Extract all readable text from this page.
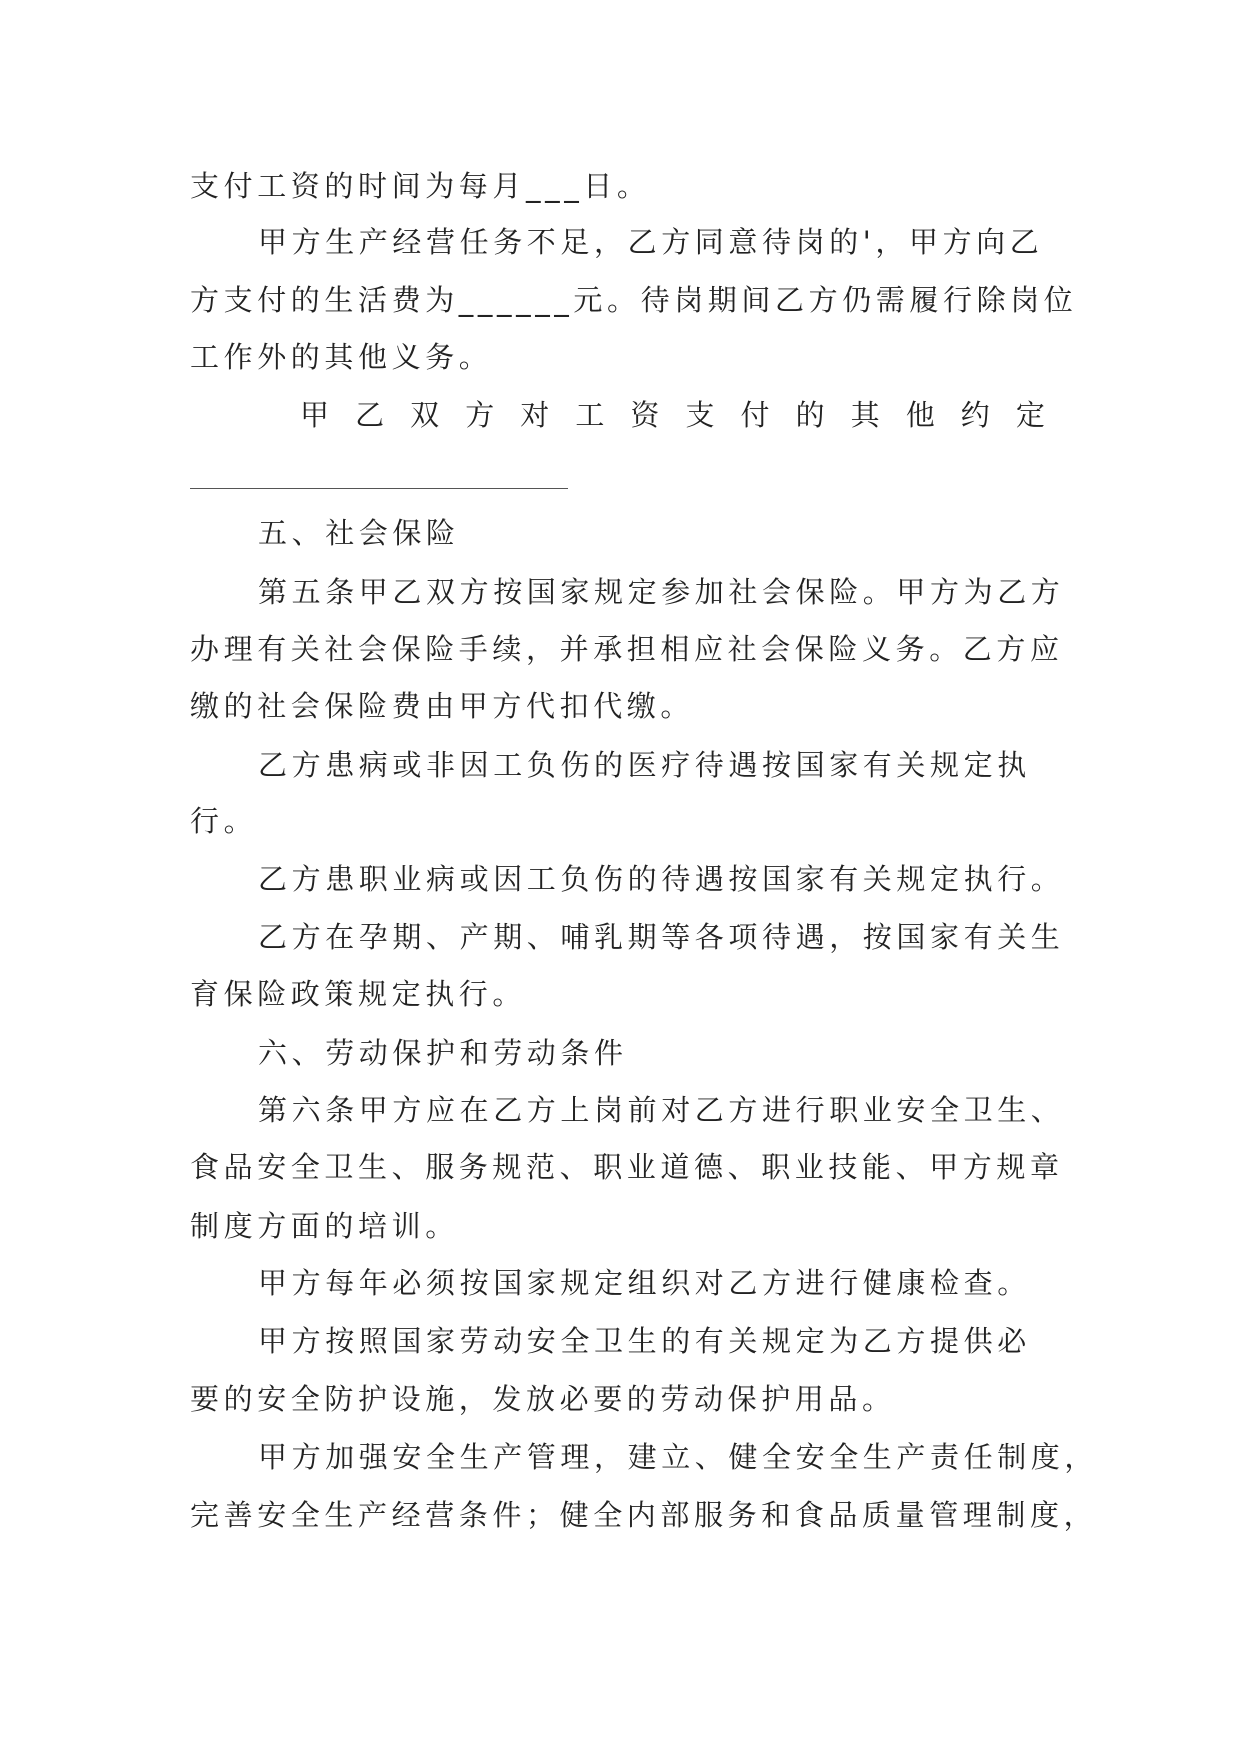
支付工资的时间为每月___日。
甲方生产经营任务不足，乙方同意待岗的'，甲方向乙
方支付的生活费为______元。待岗期间乙方仍需履行除岗位
工作外的其他义务。
甲 乙 双 方 对 工 资 支 付 的 其 他 约 定
五、社会保险
第五条甲乙双方按国家规定参加社会保险。甲方为乙方
办理有关社会保险手续，并承担相应社会保险义务。乙方应
缴的社会保险费由甲方代扣代缴。
乙方患病或非因工负伤的医疗待遇按国家有关规定执
行。
乙方患职业病或因工负伤的待遇按国家有关规定执行。
乙方在孕期、产期、哺乳期等各项待遇，按国家有关生
育保险政策规定执行。
六、劳动保护和劳动条件
第六条甲方应在乙方上岗前对乙方进行职业安全卫生、
食品安全卫生、服务规范、职业道德、职业技能、甲方规章
制度方面的培训。
甲方每年必须按国家规定组织对乙方进行健康检查。
甲方按照国家劳动安全卫生的有关规定为乙方提供必
要的安全防护设施，发放必要的劳动保护用品。
甲方加强安全生产管理，建立、健全安全生产责任制度，
完善安全生产经营条件；健全内部服务和食品质量管理制度，
